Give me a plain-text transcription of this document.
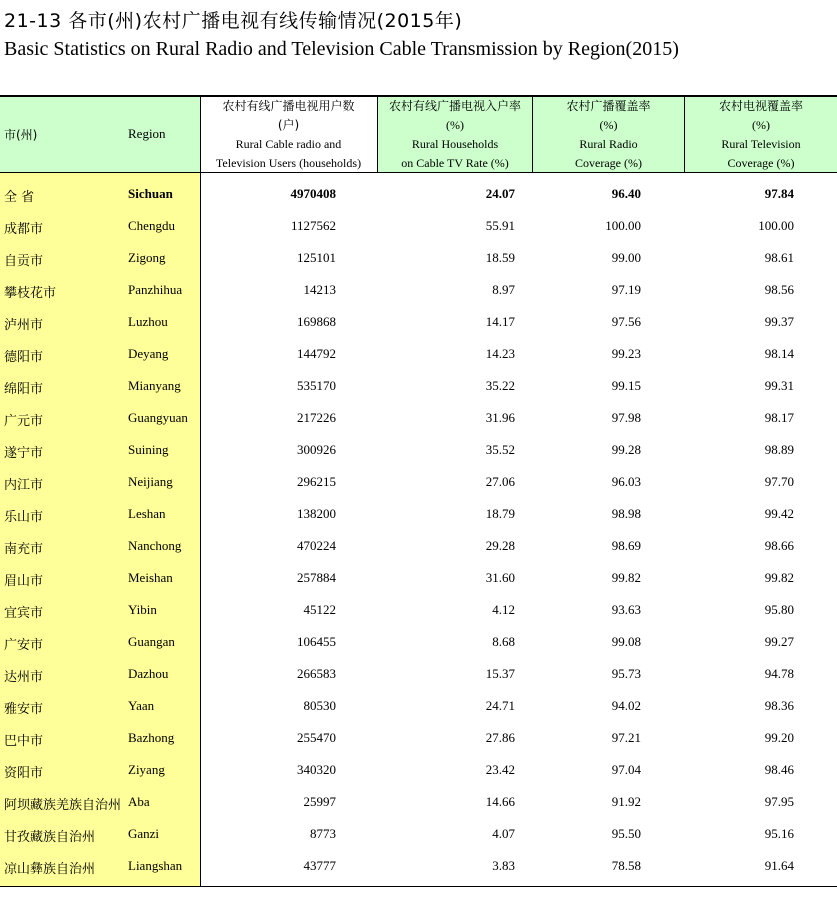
21-13 各市(州)农村广播电视有线传输情况(2015年)
Basic Statistics on Rural Radio and Television Cable Transmission by Region(2015)
市(州)	Region
农村有线广播电视用户数
(户)
Rural Cable radio and
Television Users (households)
农村有线广播电视入户率
(%)
Rural Households
on Cable TV Rate (%)
农村广播覆盖率
(%)
Rural Radio
Coverage (%)
农村电视覆盖率
(%)
Rural Television
Coverage (%)
全 省	Sichuan	4970408	24.07	96.40	97.84
成都市	Chengdu	1127562	55.91	100.00	100.00
自贡市	Zigong	125101	18.59	99.00	98.61
攀枝花市	Panzhihua	14213	8.97	97.19	98.56
泸州市	Luzhou	169868	14.17	97.56	99.37
德阳市	Deyang	144792	14.23	99.23	98.14
绵阳市	Mianyang	535170	35.22	99.15	99.31
广元市	Guangyuan	217226	31.96	97.98	98.17
遂宁市	Suining	300926	35.52	99.28	98.89
内江市	Neijiang	296215	27.06	96.03	97.70
乐山市	Leshan	138200	18.79	98.98	99.42
南充市	Nanchong	470224	29.28	98.69	98.66
眉山市	Meishan	257884	31.60	99.82	99.82
宜宾市	Yibin	45122	4.12	93.63	95.80
广安市	Guangan	106455	8.68	99.08	99.27
达州市	Dazhou	266583	15.37	95.73	94.78
雅安市	Yaan	80530	24.71	94.02	98.36
巴中市	Bazhong	255470	27.86	97.21	99.20
资阳市	Ziyang	340320	23.42	97.04	98.46
阿坝藏族羌族自治州 Aba	25997	14.66	91.92	97.95
甘孜藏族自治州	Ganzi	8773	4.07	95.50	95.16
凉山彝族自治州	Liangshan	43777	3.83	78.58	91.64
